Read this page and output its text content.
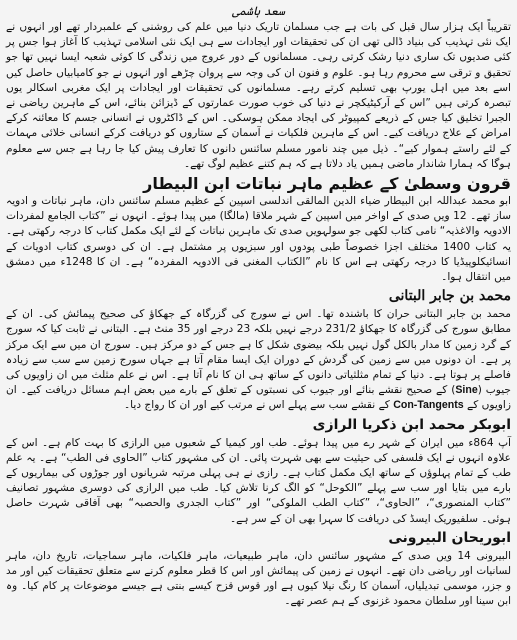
سعد ہاشمی

تقریباً ایک ہزار سال قبل کی بات ہے جب مسلمان تاریک دنیا میں علم کی روشنی کے علمبردار تھے اور انہوں نے ایک نئی تہذیب کی بنیاد ڈالی تھی ان کی تحقیقات اور ایجادات سے ہی ایک نئی اسلامی تہذیب کا آغاز ہوا جس پر کئی صدیوں تک ساری دنیا رشک کرتی رہی۔ مسلمانوں کے دور عروج میں زندگی کا کوئی شعبہ ایسا نہیں تھا جو تحقیق و ترقی سے محروم رہا ہو۔ علوم و فنون ان کی وجہ سے پروان چڑھے اور انہوں نے جو کامیابیاں حاصل کیں اسے بعد میں اہل یورپ بھی تسلیم کرتے رہے۔ مسلمانوں کی تحقیقات اور ایجادات پر ایک مغربی اسکالر یوں تبصرہ کرتی ہیں ”اس کے آرکیٹیکچر نے دنیا کی خوب صورت عمارتوں کے ڈیزائن بنائے، اس کے ماہرین ریاضی نے الجبرا تخلیق کیا جس کے ذریعے کمپیوٹر کی ایجاد ممکن ہوسکی۔ اس کے ڈاکٹروں نے انسانی جسم کا معائنہ کرکے امراض کے علاج دریافت کیے۔ اس کے ماہرین فلکیات نے آسمان کے ستاروں کو دریافت کرکے انسانی خلائی مہمات کے لئے راستے ہموار کیے“۔ ذیل میں چند نامور مسلم سائنس دانوں کا تعارف پیش کیا جا رہا ہے جس سے معلوم ہوگا کہ ہمارا شاندار ماضی ہمیں یاد دلاتا ہے کہ ہم کتنے عظیم لوگ تھے۔

قرون وسطیٰ کے عظیم ماہر نباتات ابن البیطار

ابو محمد عبداللہ ابن البیطار ضیاء الدین المالقی اندلسی اسپین کے عظیم مسلم سائنس دان، ماہر نباتات و ادویہ ساز تھے۔ 12 ویں صدی کے اواخر میں اسپین کے شہر ملاقا (مالگا) میں پیدا ہوئے۔ انہوں نے ”کتاب الجامع لمفردات الادویہ والاغذیہ“ نامی کتاب لکھی جو سولہویں صدی تک ماہرین نباتات کے لئے ایک مکمل کتاب کا درجہ رکھتی ہے۔ یہ کتاب 1400 مختلف اجزا خصوصاً طبی پودوں اور سبزیوں پر مشتمل ہے۔ ان کی دوسری کتاب ادویات کے انسائیکلوپیڈیا کا درجہ رکھتی ہے اس کا نام ”الکتاب المغنی فی الادویہ المفردہ“ ہے۔ ان کا 1248ء میں دمشق میں انتقال ہوا۔

محمد بن جابر البتانی

محمد بن جابر البتانی حران کا باشندہ تھا۔ اس نے سورج کی گزرگاہ کے جھکاؤ کی صحیح پیمائش کی۔ ان کے مطابق سورج کی گزرگاہ کا جھکاؤ 231/2 درجے نہیں بلکہ 23 درجے اور 35 منٹ ہے۔ البتانی نے ثابت کیا کہ سورج کے گرد زمین کا مدار بالکل گول نہیں بلکہ بیضوی شکل کا ہے جس کے دو مرکز ہیں۔ سورج ان میں سے ایک مرکز پر ہے۔ ان دونوں میں سے زمین کی گردش کے دوران ایک ایسا مقام آتا ہے جہاں سورج زمین سے سب سے زیادہ فاصلے پر ہوتا ہے۔ دنیا کے تمام مثلثیاتی دانوں کے ساتھ ہی ان کا نام آتا ہے۔ اس نے علم مثلث میں ان زاویوں کی جیوب (Sine) کے صحیح نقشے بنائے اور جیوب کی نسبتوں کے تعلق کے بارے میں بعض اہم مسائل دریافت کیے۔ ان زاویوں کے Con-Tangents کے نقشے سب سے پہلے اس نے مرتب کیے اور ان کا رواج دیا۔

ابوبکر محمد ابن ذکریا الرازی

آپ 864ء میں ایران کے شہر رے میں پیدا ہوئے۔ طب اور کیمیا کے شعبوں میں الرازی کا بہت کام ہے۔ اس کے علاوہ انہوں نے ایک فلسفی کی حیثیت سے بھی شہرت پائی۔ ان کی مشہور کتاب ”الحاوی فی الطب“ ہے۔ یہ علم طب کے تمام پہلوؤں کے ساتھ ایک مکمل کتاب ہے۔ رازی نے ہی پہلی مرتبہ شریانوں اور جوڑوں کی بیماریوں کے بارے میں بتایا اور سب سے پہلے ”الکوحل“ کو الگ کرنا تلاش کیا۔ طب میں الرازی کی دوسری مشہور تصانیف ”کتاب المنصوری“، ”الحاوی“، ”کتاب الطب الملوکی“ اور ”کتاب الجدری والحصبہ“ بھی آفاقی شہرت حاصل ہوئی۔ سلفیوریک ایسڈ کی دریافت کا سہرا بھی ان کے سر ہے۔

ابوریحان البیرونی

البیرونی 14 ویں صدی کے مشہور سائنس دان، ماہر طبیعیات، ماہر فلکیات، ماہر سماجیات، تاریخ دان، ماہر لسانیات اور ریاضی دان تھے۔ انہوں نے زمین کی پیمائش اور اس کا قطر معلوم کرنے سے متعلق تحقیقات کیں اور مد و جزر، موسمی تبدیلیاں، آسمان کا رنگ نیلا کیوں ہے اور قوس قزح کیسے بنتی ہے جیسے موضوعات پر کام کیا۔ وہ ابن سینا اور سلطان محمود غزنوی کے ہم عصر تھے۔
